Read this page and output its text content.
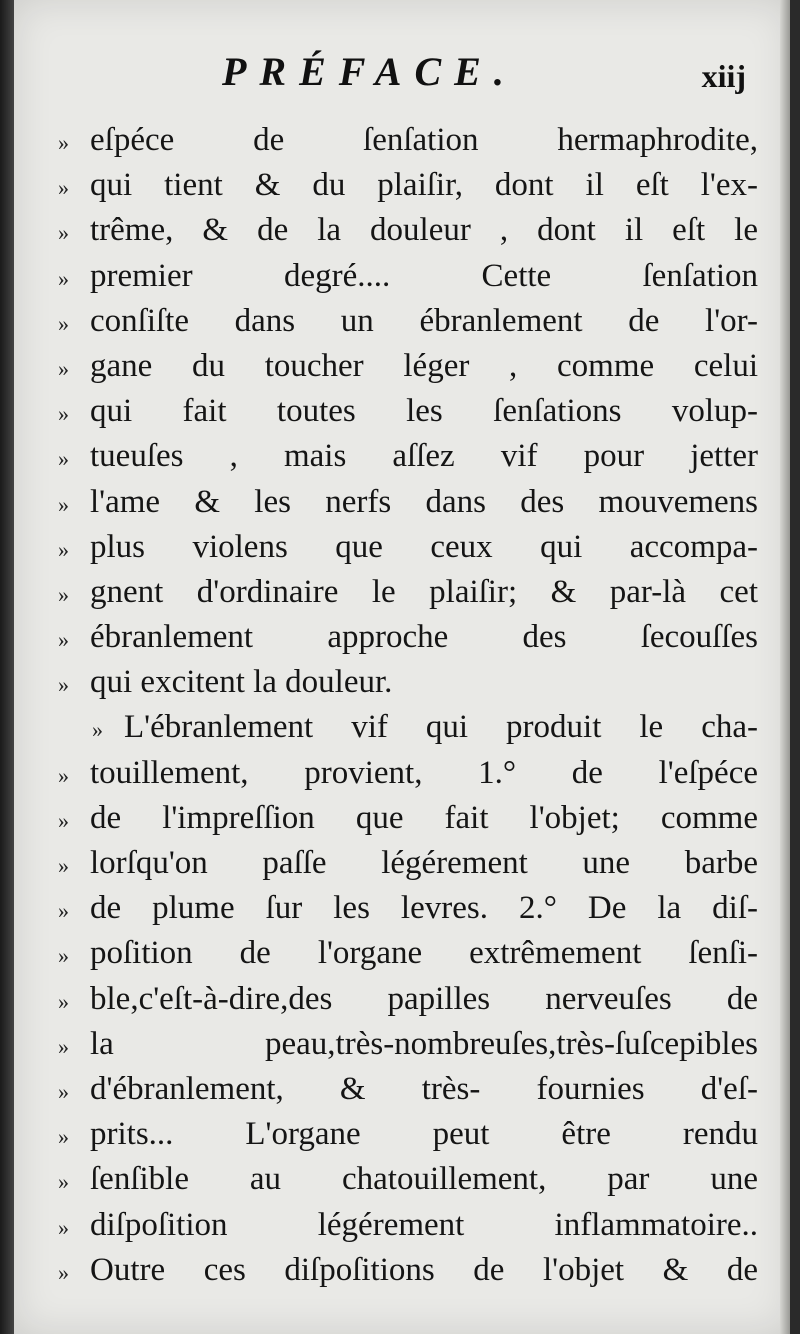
PRÉFACE.	xiij
» eſpéce de ſenſation hermaphrodite,
» qui tient & du plaiſir, dont il eſt l'ex-
» trême, & de la douleur , dont il eſt le
» premier degré.... Cette ſenſation
» conſiſte dans un ébranlement de l'or-
» gane du toucher léger , comme celui
» qui fait toutes les ſenſations volup-
» tueuſes , mais aſſez vif pour jetter
» l'ame & les nerfs dans des mouvemens
» plus violens que ceux qui accompa-
» gnent d'ordinaire le plaiſir; & par-là cet
» ébranlement approche des ſecouſſes
» qui excitent la douleur.
» L'ébranlement vif qui produit le cha-
» touillement, provient, 1.° de l'eſpéce
» de l'impreſſion que fait l'objet; comme
» lorſqu'on paſſe légérement une barbe
» de plume ſur les levres. 2.° De la diſ-
» poſition de l'organe extrêmement ſenſi-
» ble,c'eſt-à-dire,des papilles nerveuſes de
» la peau,très-nombreuſes,très-ſuſcepibles
» d'ébranlement, & très- fournies d'eſ-
» prits... L'organe peut être rendu
» ſenſible au chatouillement, par une
» diſpoſition légérement inflammatoire..
» Outre ces diſpoſitions de l'objet & de
